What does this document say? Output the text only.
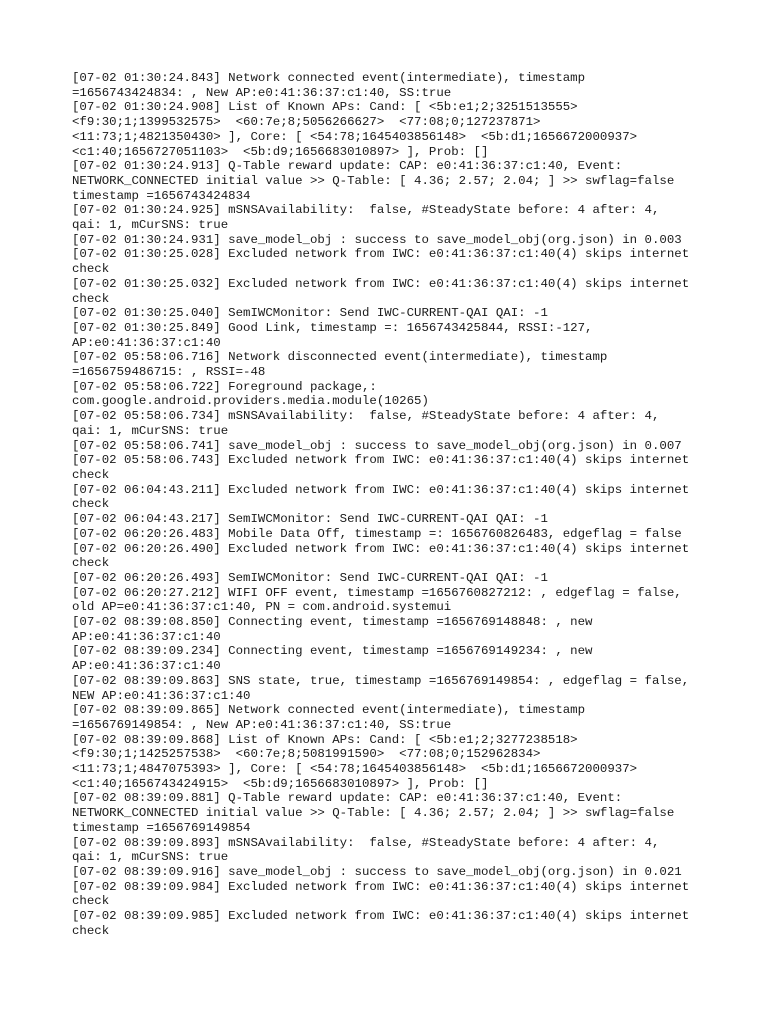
[07-02 01:30:24.843] Network connected event(intermediate), timestamp
=1656743424834: , New AP:e0:41:36:37:c1:40, SS:true
[07-02 01:30:24.908] List of Known APs: Cand: [ <5b:e1;2;3251513555>
<f9:30;1;1399532575>  <60:7e;8;5056266627>  <77:08;0;127237871>
<11:73;1;4821350430> ], Core: [ <54:78;1645403856148>  <5b:d1;1656672000937>
<c1:40;1656727051103>  <5b:d9;1656683010897> ], Prob: []
[07-02 01:30:24.913] Q-Table reward update: CAP: e0:41:36:37:c1:40, Event:
NETWORK_CONNECTED initial value >> Q-Table: [ 4.36; 2.57; 2.04; ] >> swflag=false
timestamp =1656743424834
[07-02 01:30:24.925] mSNSAvailability:  false, #SteadyState before: 4 after: 4,
qai: 1, mCurSNS: true
[07-02 01:30:24.931] save_model_obj : success to save_model_obj(org.json) in 0.003
[07-02 01:30:25.028] Excluded network from IWC: e0:41:36:37:c1:40(4) skips internet
check
[07-02 01:30:25.032] Excluded network from IWC: e0:41:36:37:c1:40(4) skips internet
check
[07-02 01:30:25.040] SemIWCMonitor: Send IWC-CURRENT-QAI QAI: -1
[07-02 01:30:25.849] Good Link, timestamp =: 1656743425844, RSSI:-127,
AP:e0:41:36:37:c1:40
[07-02 05:58:06.716] Network disconnected event(intermediate), timestamp
=1656759486715: , RSSI=-48
[07-02 05:58:06.722] Foreground package,:
com.google.android.providers.media.module(10265)
[07-02 05:58:06.734] mSNSAvailability:  false, #SteadyState before: 4 after: 4,
qai: 1, mCurSNS: true
[07-02 05:58:06.741] save_model_obj : success to save_model_obj(org.json) in 0.007
[07-02 05:58:06.743] Excluded network from IWC: e0:41:36:37:c1:40(4) skips internet
check
[07-02 06:04:43.211] Excluded network from IWC: e0:41:36:37:c1:40(4) skips internet
check
[07-02 06:04:43.217] SemIWCMonitor: Send IWC-CURRENT-QAI QAI: -1
[07-02 06:20:26.483] Mobile Data Off, timestamp =: 1656760826483, edgeflag = false
[07-02 06:20:26.490] Excluded network from IWC: e0:41:36:37:c1:40(4) skips internet
check
[07-02 06:20:26.493] SemIWCMonitor: Send IWC-CURRENT-QAI QAI: -1
[07-02 06:20:27.212] WIFI OFF event, timestamp =1656760827212: , edgeflag = false,
old AP=e0:41:36:37:c1:40, PN = com.android.systemui
[07-02 08:39:08.850] Connecting event, timestamp =1656769148848: , new
AP:e0:41:36:37:c1:40
[07-02 08:39:09.234] Connecting event, timestamp =1656769149234: , new
AP:e0:41:36:37:c1:40
[07-02 08:39:09.863] SNS state, true, timestamp =1656769149854: , edgeflag = false,
NEW AP:e0:41:36:37:c1:40
[07-02 08:39:09.865] Network connected event(intermediate), timestamp
=1656769149854: , New AP:e0:41:36:37:c1:40, SS:true
[07-02 08:39:09.868] List of Known APs: Cand: [ <5b:e1;2;3277238518>
<f9:30;1;1425257538>  <60:7e;8;5081991590>  <77:08;0;152962834>
<11:73;1;4847075393> ], Core: [ <54:78;1645403856148>  <5b:d1;1656672000937>
<c1:40;1656743424915>  <5b:d9;1656683010897> ], Prob: []
[07-02 08:39:09.881] Q-Table reward update: CAP: e0:41:36:37:c1:40, Event:
NETWORK_CONNECTED initial value >> Q-Table: [ 4.36; 2.57; 2.04; ] >> swflag=false
timestamp =1656769149854
[07-02 08:39:09.893] mSNSAvailability:  false, #SteadyState before: 4 after: 4,
qai: 1, mCurSNS: true
[07-02 08:39:09.916] save_model_obj : success to save_model_obj(org.json) in 0.021
[07-02 08:39:09.984] Excluded network from IWC: e0:41:36:37:c1:40(4) skips internet
check
[07-02 08:39:09.985] Excluded network from IWC: e0:41:36:37:c1:40(4) skips internet
check
